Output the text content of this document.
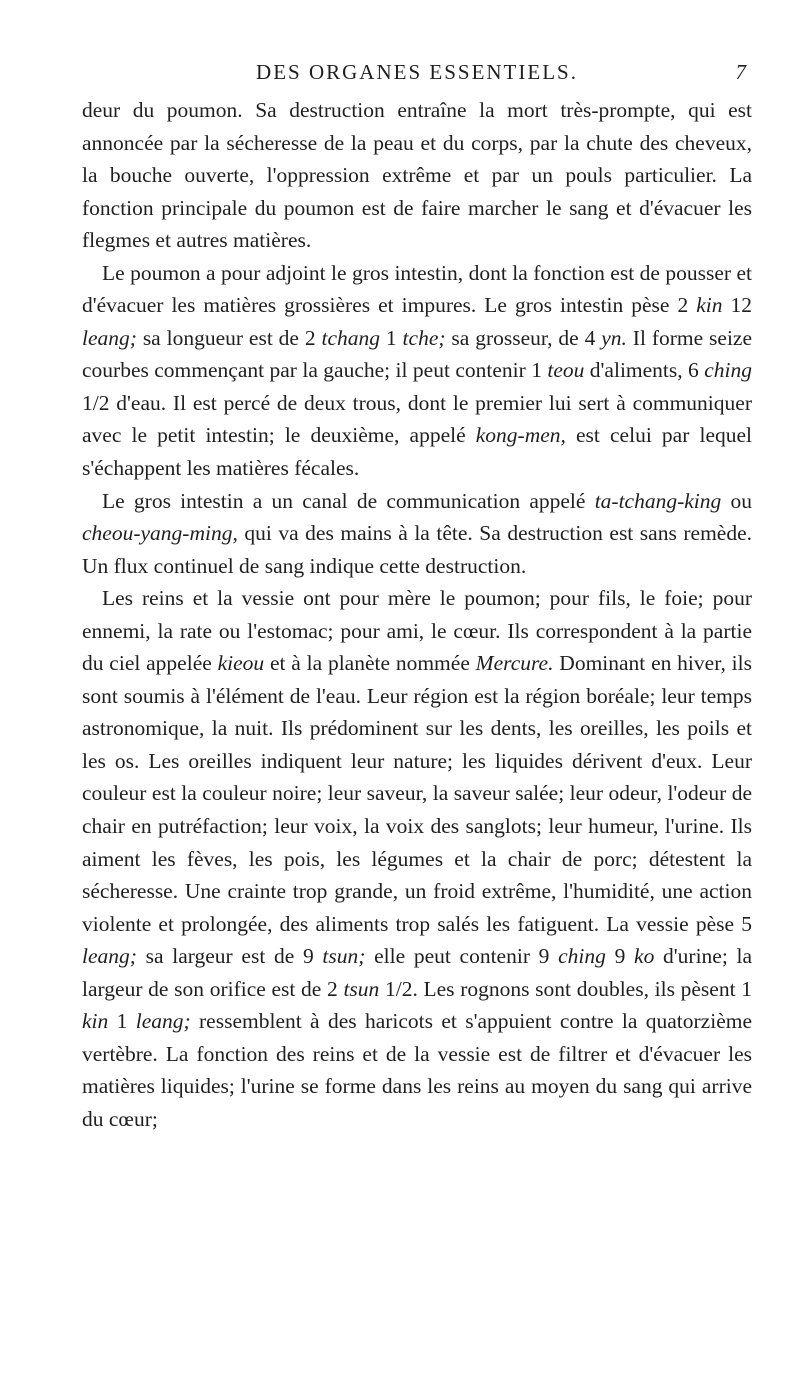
DES ORGANES ESSENTIELS.	7

deur du poumon. Sa destruction entraîne la mort très-prompte, qui est annoncée par la sécheresse de la peau et du corps, par la chute des cheveux, la bouche ouverte, l'oppression extrême et par un pouls particulier. La fonction principale du poumon est de faire marcher le sang et d'évacuer les flegmes et autres matières.

Le poumon a pour adjoint le gros intestin, dont la fonction est de pousser et d'évacuer les matières grossières et impures. Le gros intestin pèse 2 kin 12 leang; sa longueur est de 2 tchang 1 tche; sa grosseur, de 4 yn. Il forme seize courbes commençant par la gauche; il peut contenir 1 teou d'aliments, 6 ching 1/2 d'eau. Il est percé de deux trous, dont le premier lui sert à communiquer avec le petit intestin; le deuxième, appelé kong-men, est celui par lequel s'échappent les matières fécales.

Le gros intestin a un canal de communication appelé ta-tchang-king ou cheou-yang-ming, qui va des mains à la tête. Sa destruction est sans remède. Un flux continuel de sang indique cette destruction.

Les reins et la vessie ont pour mère le poumon; pour fils, le foie; pour ennemi, la rate ou l'estomac; pour ami, le cœur. Ils correspondent à la partie du ciel appelée kieou et à la planète nommée Mercure. Dominant en hiver, ils sont soumis à l'élément de l'eau. Leur région est la région boréale; leur temps astronomique, la nuit. Ils prédominent sur les dents, les oreilles, les poils et les os. Les oreilles indiquent leur nature; les liquides dérivent d'eux. Leur couleur est la couleur noire; leur saveur, la saveur salée; leur odeur, l'odeur de chair en putréfaction; leur voix, la voix des sanglots; leur humeur, l'urine. Ils aiment les fèves, les pois, les légumes et la chair de porc; détestent la sécheresse. Une crainte trop grande, un froid extrême, l'humidité, une action violente et prolongée, des aliments trop salés les fatiguent. La vessie pèse 5 leang; sa largeur est de 9 tsun; elle peut contenir 9 ching 9 ko d'urine; la largeur de son orifice est de 2 tsun 1/2. Les rognons sont doubles, ils pèsent 1 kin 1 leang; ressemblent à des haricots et s'appuient contre la quatorzième vertèbre. La fonction des reins et de la vessie est de filtrer et d'évacuer les matières liquides; l'urine se forme dans les reins au moyen du sang qui arrive du cœur;
